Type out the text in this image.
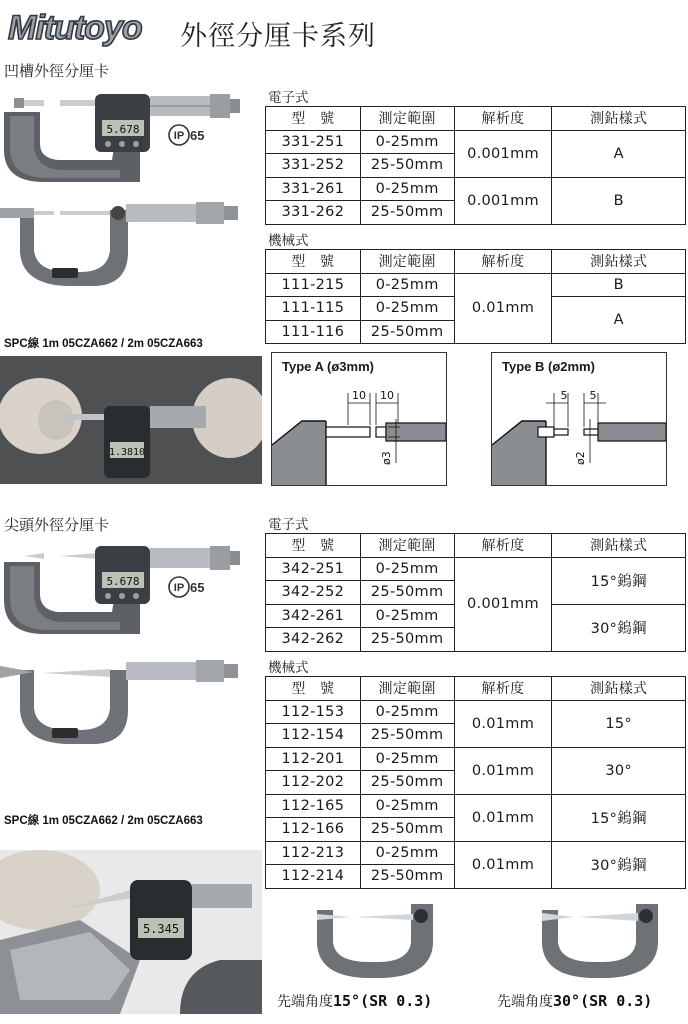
Mitutoyo 外徑分厘卡系列
凹槽外徑分厘卡
5.678	IP 65
SPC線 1m 05CZA662 / 2m 05CZA663
1.3810
電子式
型　號	測定範圍	解析度	測鉆樣式
331-251	0-25mm	0.001mm	A
331-252	25-50mm		
331-261	0-25mm	0.001mm	B
331-262	25-50mm		
機械式
型　號	測定範圍	解析度	測鉆樣式
111-215	0-25mm	0.01mm	B
111-115	0-25mm		A
111-116	25-50mm		
Type A (ø3mm)
10 10
ø3
Type B (ø2mm)
5 5
ø2
尖頭外徑分厘卡
5.678	IP 65
SPC線 1m 05CZA662 / 2m 05CZA663
5.345
電子式
型　號	測定範圍	解析度	測鉆樣式
342-251	0-25mm	0.001mm	15°鎢鋼
342-252	25-50mm		
342-261	0-25mm		30°鎢鋼
342-262	25-50mm		
機械式
型　號	測定範圍	解析度	測鉆樣式
112-153	0-25mm	0.01mm	15°
112-154	25-50mm		
112-201	0-25mm	0.01mm	30°
112-202	25-50mm		
112-165	0-25mm	0.01mm	15°鎢鋼
112-166	25-50mm		
112-213	0-25mm	0.01mm	30°鎢鋼
112-214	25-50mm		
先端角度15°(SR 0.3)	先端角度30°(SR 0.3)
